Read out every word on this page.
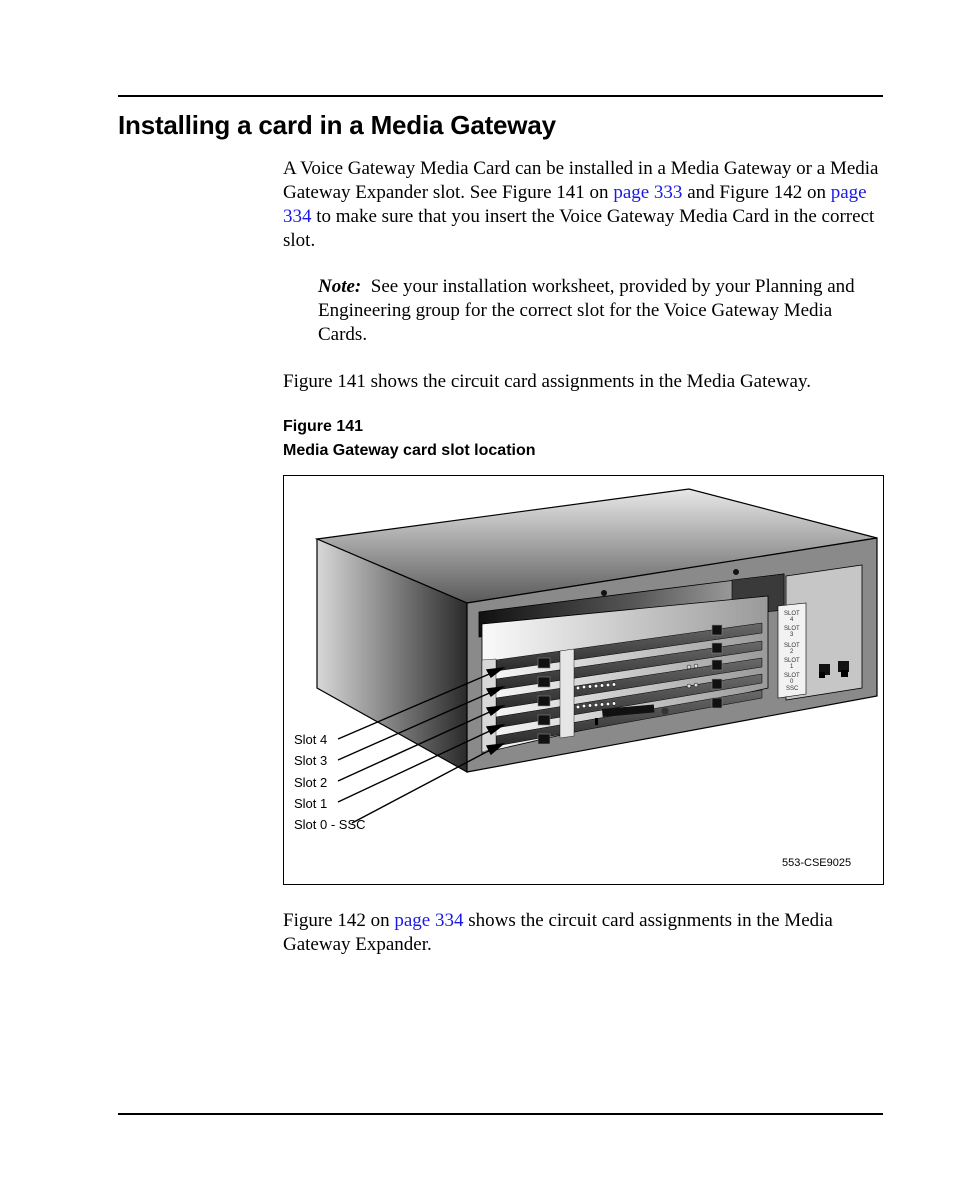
Installing a card in a Media Gateway

A Voice Gateway Media Card can be installed in a Media Gateway or a Media Gateway Expander slot. See Figure 141 on page 333 and Figure 142 on page 334 to make sure that you insert the Voice Gateway Media Card in the correct slot.

Note: See your installation worksheet, provided by your Planning and Engineering group for the correct slot for the Voice Gateway Media Cards.

Figure 141 shows the circuit card assignments in the Media Gateway.

Figure 141

Media Gateway card slot location

SLOT
4
SLOT
3
SLOT
2
SLOT
1
SLOT
0
SSC
Slot 4
Slot 3
Slot 2
Slot 1
Slot 0 - SSC
553-CSE9025

Figure 142 on page 334 shows the circuit card assignments in the Media Gateway Expander.
